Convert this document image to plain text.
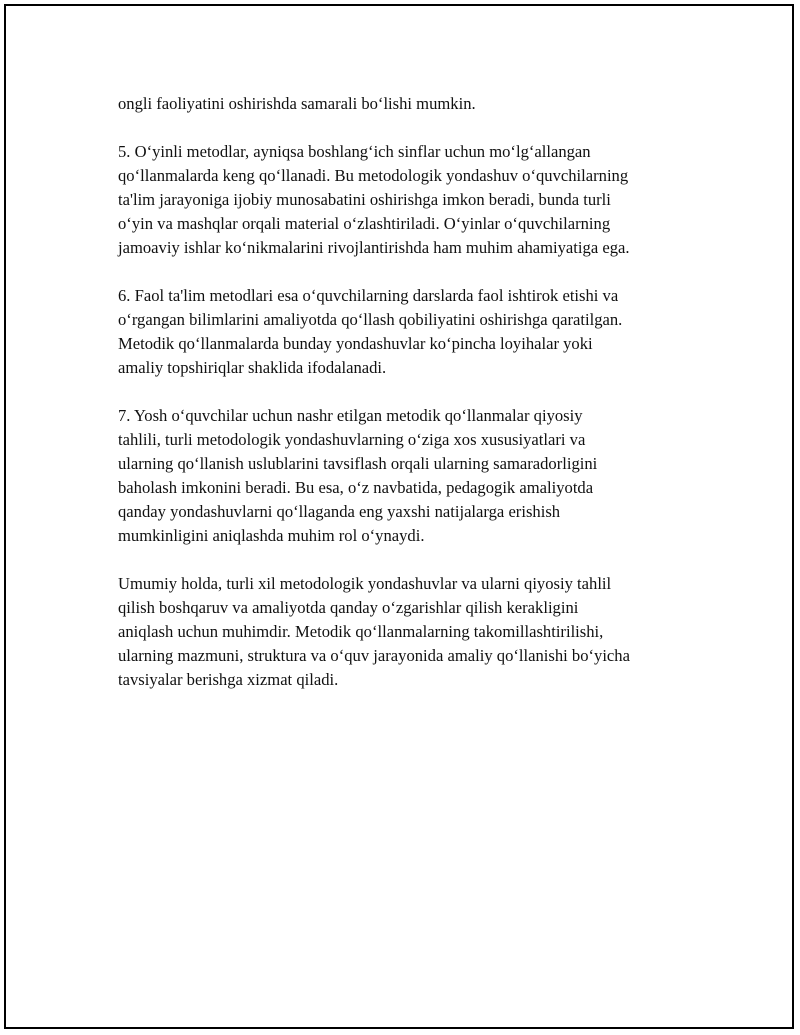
ongli faoliyatini oshirishda samarali bo‘lishi mumkin.

5. O‘yinli metodlar, ayniqsa boshlang‘ich sinflar uchun mo‘lg‘allangan
qo‘llanmalarda keng qo‘llanadi. Bu metodologik yondashuv o‘quvchilarning
ta'lim jarayoniga ijobiy munosabatini oshirishga imkon beradi, bunda turli
o‘yin va mashqlar orqali material o‘zlashtiriladi. O‘yinlar o‘quvchilarning
jamoaviy ishlar ko‘nikmalarini rivojlantirishda ham muhim ahamiyatiga ega.

6. Faol ta'lim metodlari esa o‘quvchilarning darslarda faol ishtirok etishi va
o‘rgangan bilimlarini amaliyotda qo‘llash qobiliyatini oshirishga qaratilgan.
Metodik qo‘llanmalarda bunday yondashuvlar ko‘pincha loyihalar yoki
amaliy topshiriqlar shaklida ifodalanadi.

7. Yosh o‘quvchilar uchun nashr etilgan metodik qo‘llanmalar qiyosiy
tahlili, turli metodologik yondashuvlarning o‘ziga xos xususiyatlari va
ularning qo‘llanish uslublarini tavsiflash orqali ularning samaradorligini
baholash imkonini beradi. Bu esa, o‘z navbatida, pedagogik amaliyotda
qanday yondashuvlarni qo‘llaganda eng yaxshi natijalarga erishish
mumkinligini aniqlashda muhim rol o‘ynaydi.

Umumiy holda, turli xil metodologik yondashuvlar va ularni qiyosiy tahlil
qilish boshqaruv va amaliyotda qanday o‘zgarishlar qilish kerakligini
aniqlash uchun muhimdir. Metodik qo‘llanmalarning takomillashtirilishi,
ularning mazmuni, struktura va o‘quv jarayonida amaliy qo‘llanishi bo‘yicha
tavsiyalar berishga xizmat qiladi.
